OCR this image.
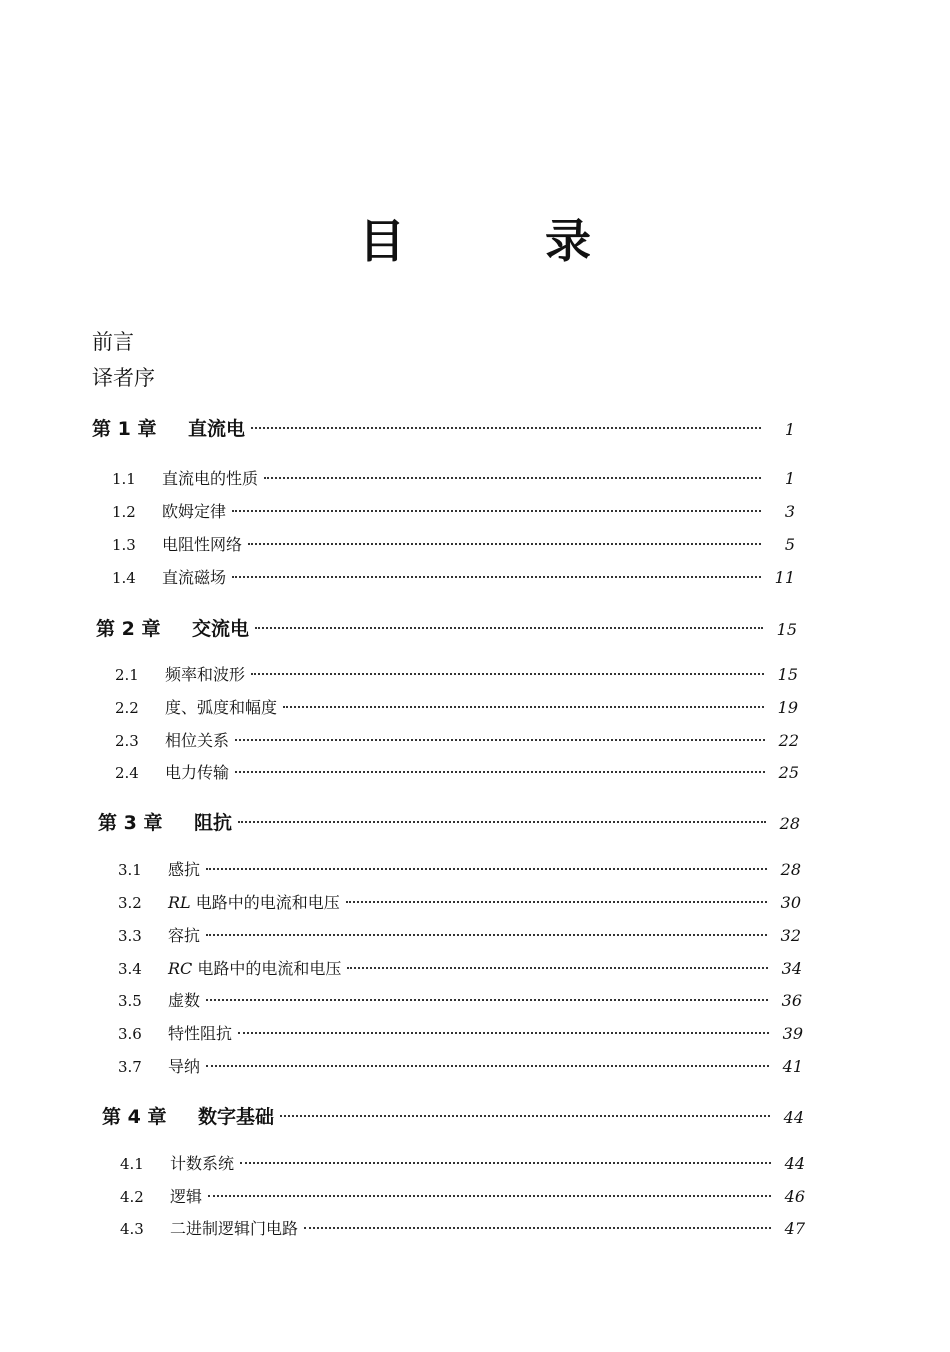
目	录
前言
译者序
第 1 章	直流电	1
1.1	直流电的性质	1
1.2	欧姆定律	3
1.3	电阻性网络	5
1.4	直流磁场	11
第 2 章	交流电	15
2.1	频率和波形	15
2.2	度、弧度和幅度	19
2.3	相位关系	22
2.4	电力传输	25
第 3 章	阻抗	28
3.1	感抗	28
3.2	RL 电路中的电流和电压	30
3.3	容抗	32
3.4	RC 电路中的电流和电压	34
3.5	虚数	36
3.6	特性阻抗	39
3.7	导纳	41
第 4 章	数字基础	44
4.1	计数系统	44
4.2	逻辑	46
4.3	二进制逻辑门电路	47
